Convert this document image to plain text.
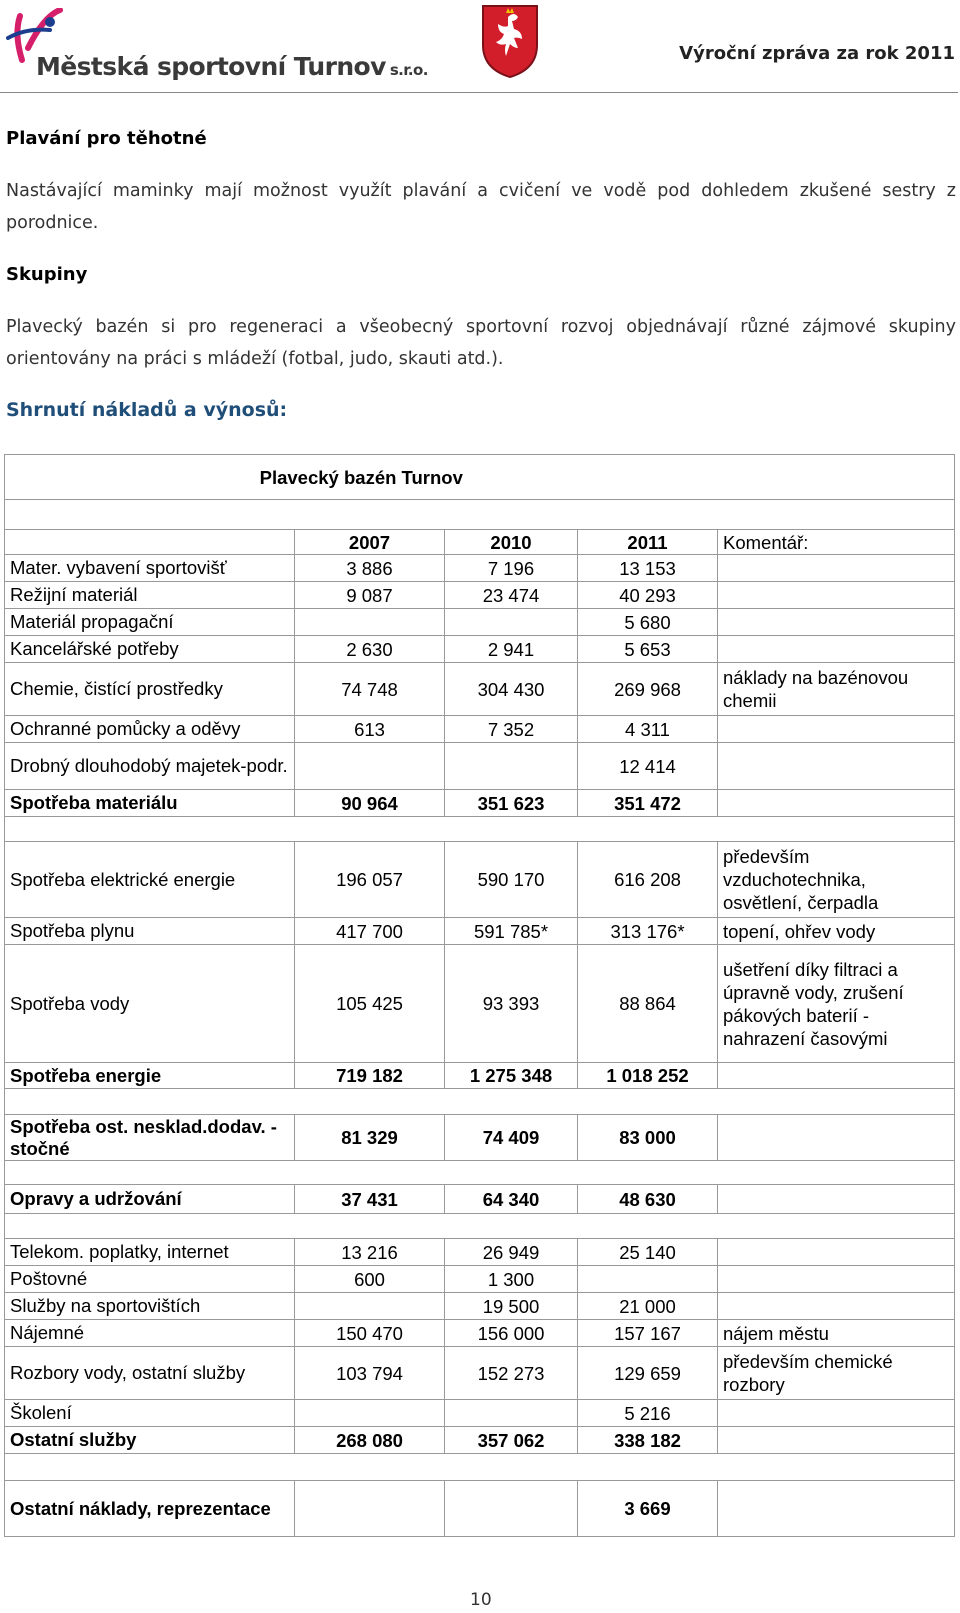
Městská sportovní Turnov s.r.o.
Výroční zpráva za rok 2011
Plavání pro těhotné
Nastávající maminky mají možnost využít plavání a cvičení ve vodě pod dohledem zkušené sestry z porodnice.
Skupiny
Plavecký bazén si pro regeneraci a všeobecný sportovní rozvoj objednávají různé zájmové skupiny orientovány na práci s mládeží (fotbal, judo, skauti atd.).
Shrnutí nákladů a výnosů:
Plavecký bazén Turnov				

	2007	2010	2011	Komentář:
Mater. vybavení sportovišť	3 886	7 196	13 153	
Režijní materiál	9 087	23 474	40 293	
Materiál propagační			5 680	
Kancelářské potřeby	2 630	2 941	5 653	
Chemie, čistící prostředky	74 748	304 430	269 968	náklady na bazénovou chemii
Ochranné pomůcky a oděvy	613	7 352	4 311	
Drobný dlouhodobý majetek-podr.			12 414	
Spotřeba materiálu	90 964	351 623	351 472	

Spotřeba elektrické energie	196 057	590 170	616 208	především vzduchotechnika, osvětlení, čerpadla
Spotřeba plynu	417 700	591 785*	313 176*	topení, ohřev vody
Spotřeba vody	105 425	93 393	88 864	ušetření díky filtraci a úpravně vody, zrušení pákových baterií - nahrazení časovými
Spotřeba energie	719 182	1 275 348	1 018 252	

Spotřeba ost. nesklad.dodav. - stočné	81 329	74 409	83 000	

Opravy a udržování	37 431	64 340	48 630	

Telekom. poplatky, internet	13 216	26 949	25 140	
Poštovné	600	1 300		
Služby na sportovištích		19 500	21 000	
Nájemné	150 470	156 000	157 167	nájem městu
Rozbory vody, ostatní služby	103 794	152 273	129 659	především chemické rozbory
Školení			5 216	
Ostatní služby	268 080	357 062	338 182	

Ostatní náklady, reprezentace			3 669	
10
